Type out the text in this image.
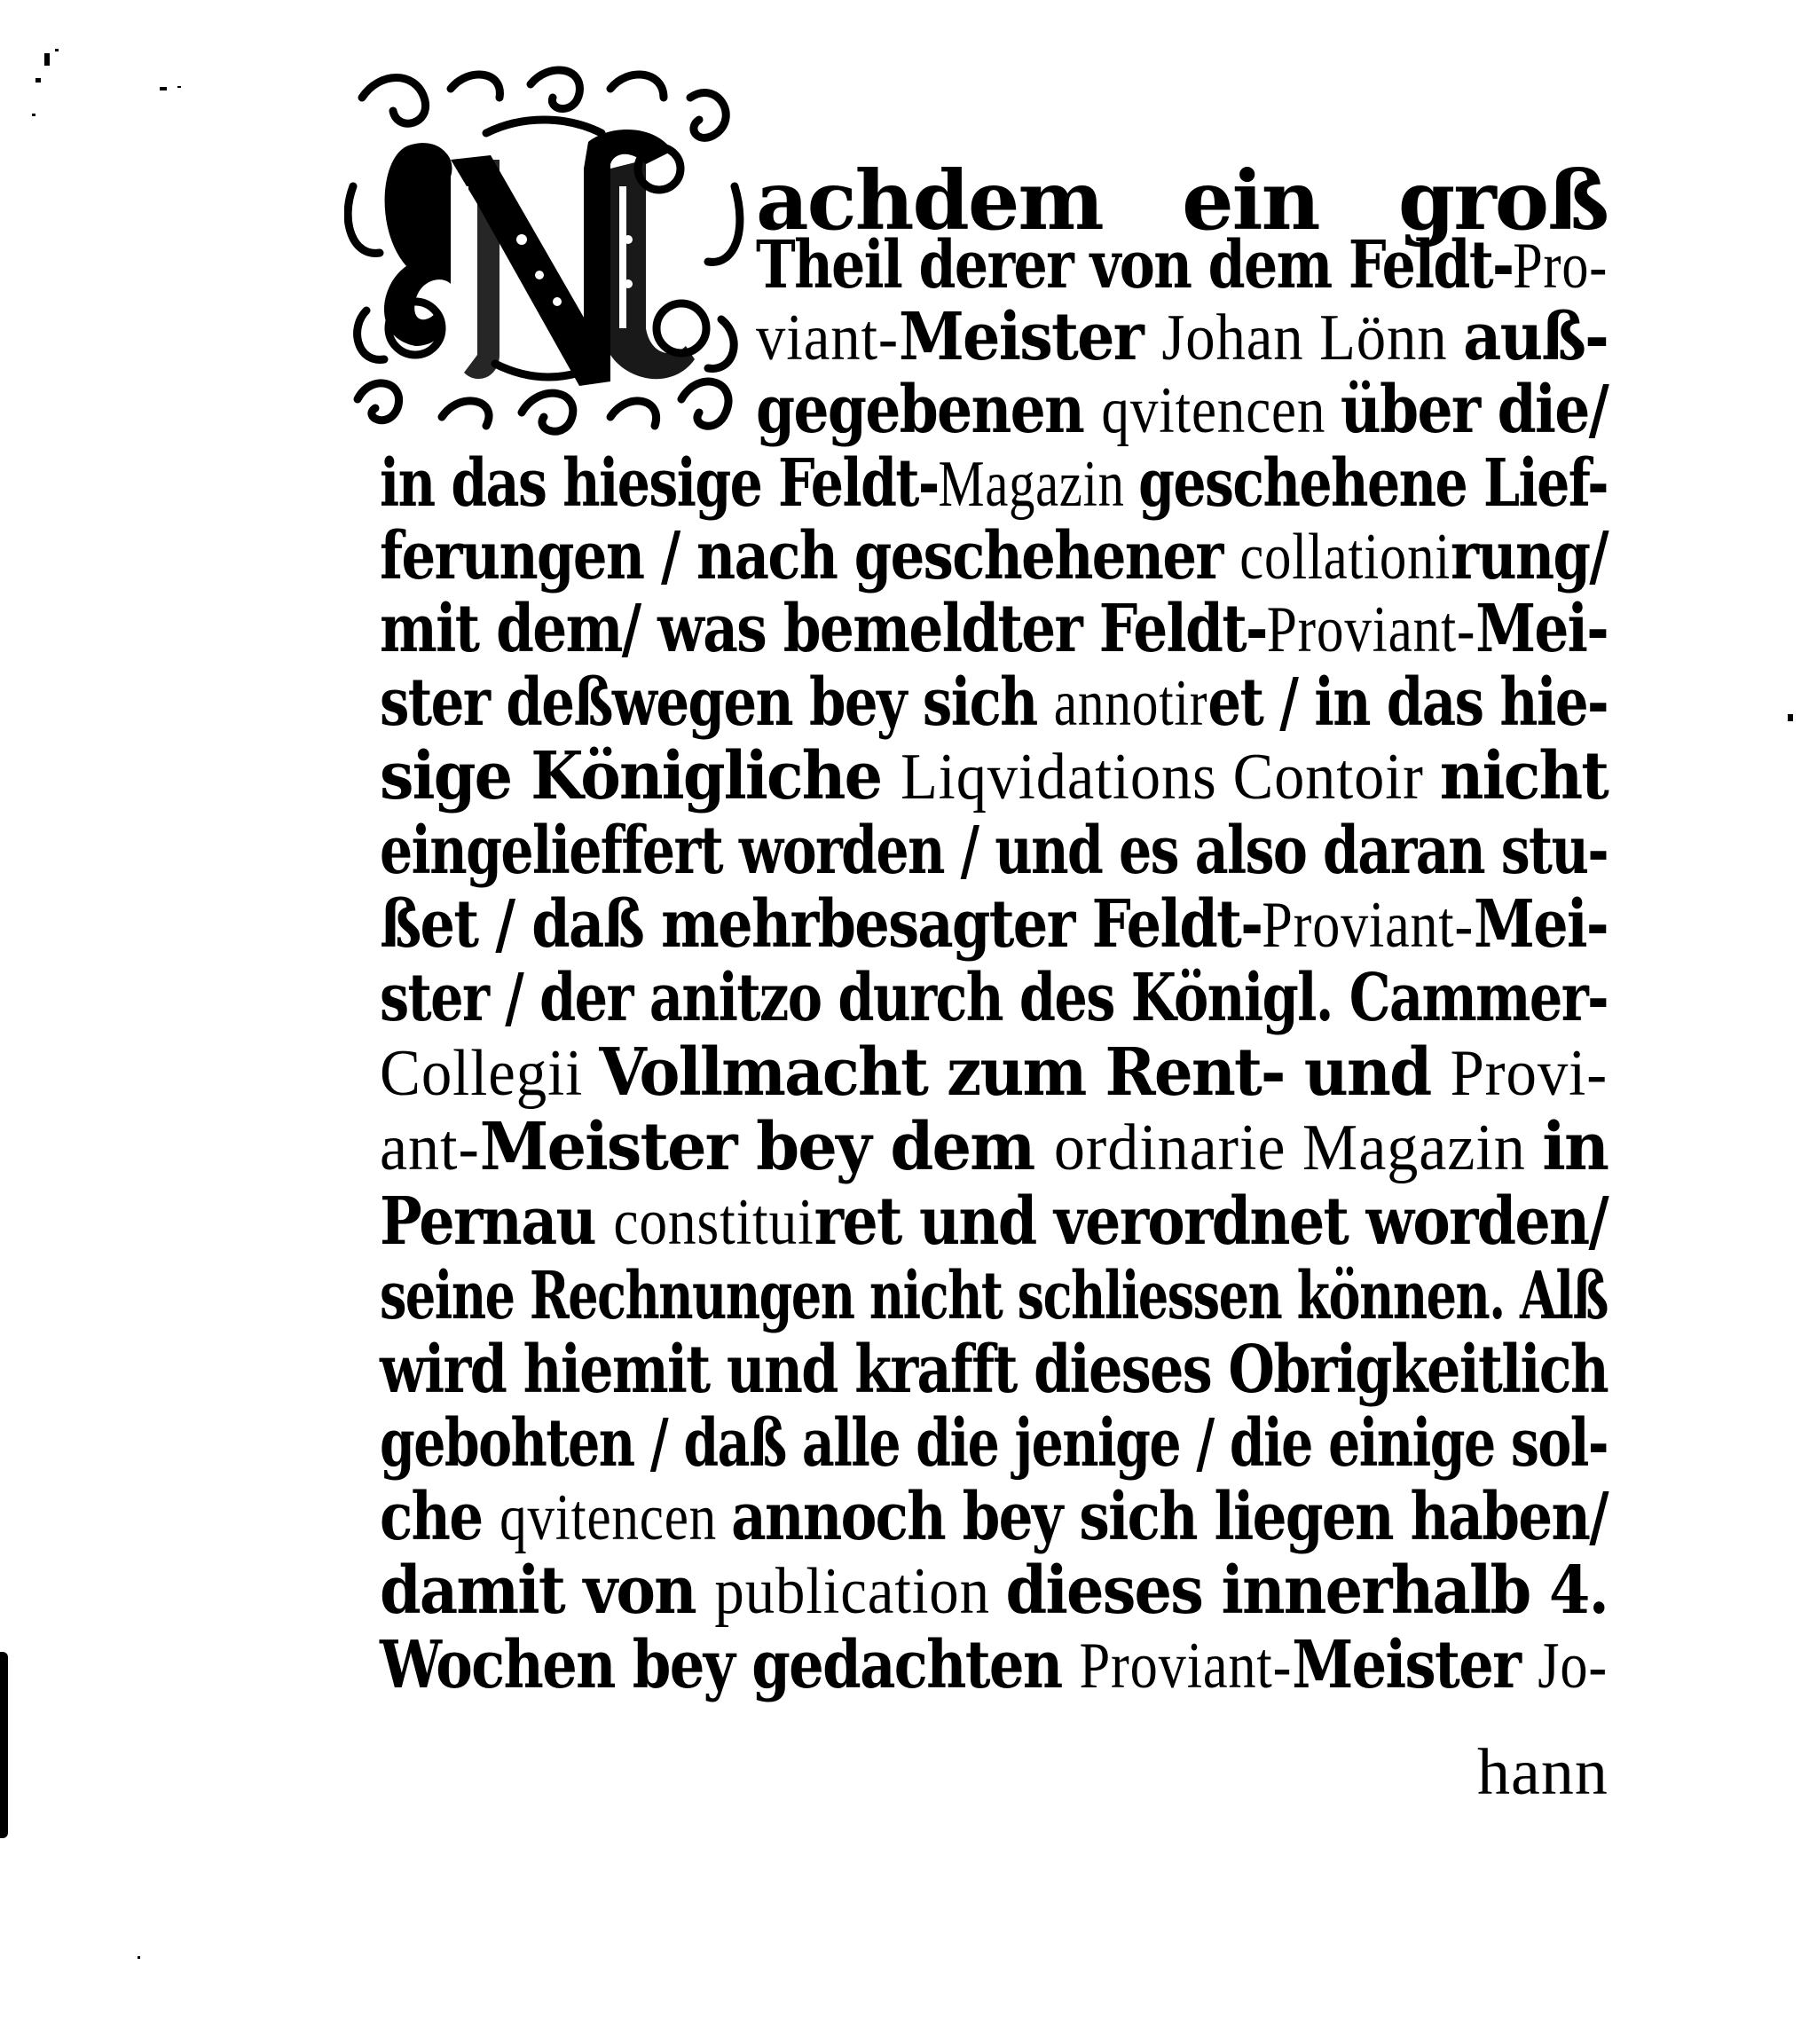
achdem ein groß
Theil derer von dem Feldt-Pro-
viant-Meister Johan Lönn auß-
gegebenen qvitencen über die/
in das hiesige Feldt-Magazin geschehene Lief-
ferungen / nach geschehener collationirung/
mit dem/ was bemeldter Feldt-Proviant-Mei-
ster deßwegen bey sich annotiret / in das hie-
sige Königliche Liqvidations Contoir nicht
eingelieffert worden / und es also daran stu-
ßet / daß mehrbesagter Feldt-Proviant-Mei-
ster / der anitzo durch des Königl. Cammer-
Collegii Vollmacht zum Rent- und Provi-
ant-Meister bey dem ordinarie Magazin in
Pernau constituiret und verordnet worden/
seine Rechnungen nicht schliessen können. Alß
wird hiemit und krafft dieses Obrigkeitlich
gebohten / daß alle die jenige / die einige sol-
che qvitencen annoch bey sich liegen haben/
damit von publication dieses innerhalb 4.
Wochen bey gedachten Proviant-Meister Jo-
hann
